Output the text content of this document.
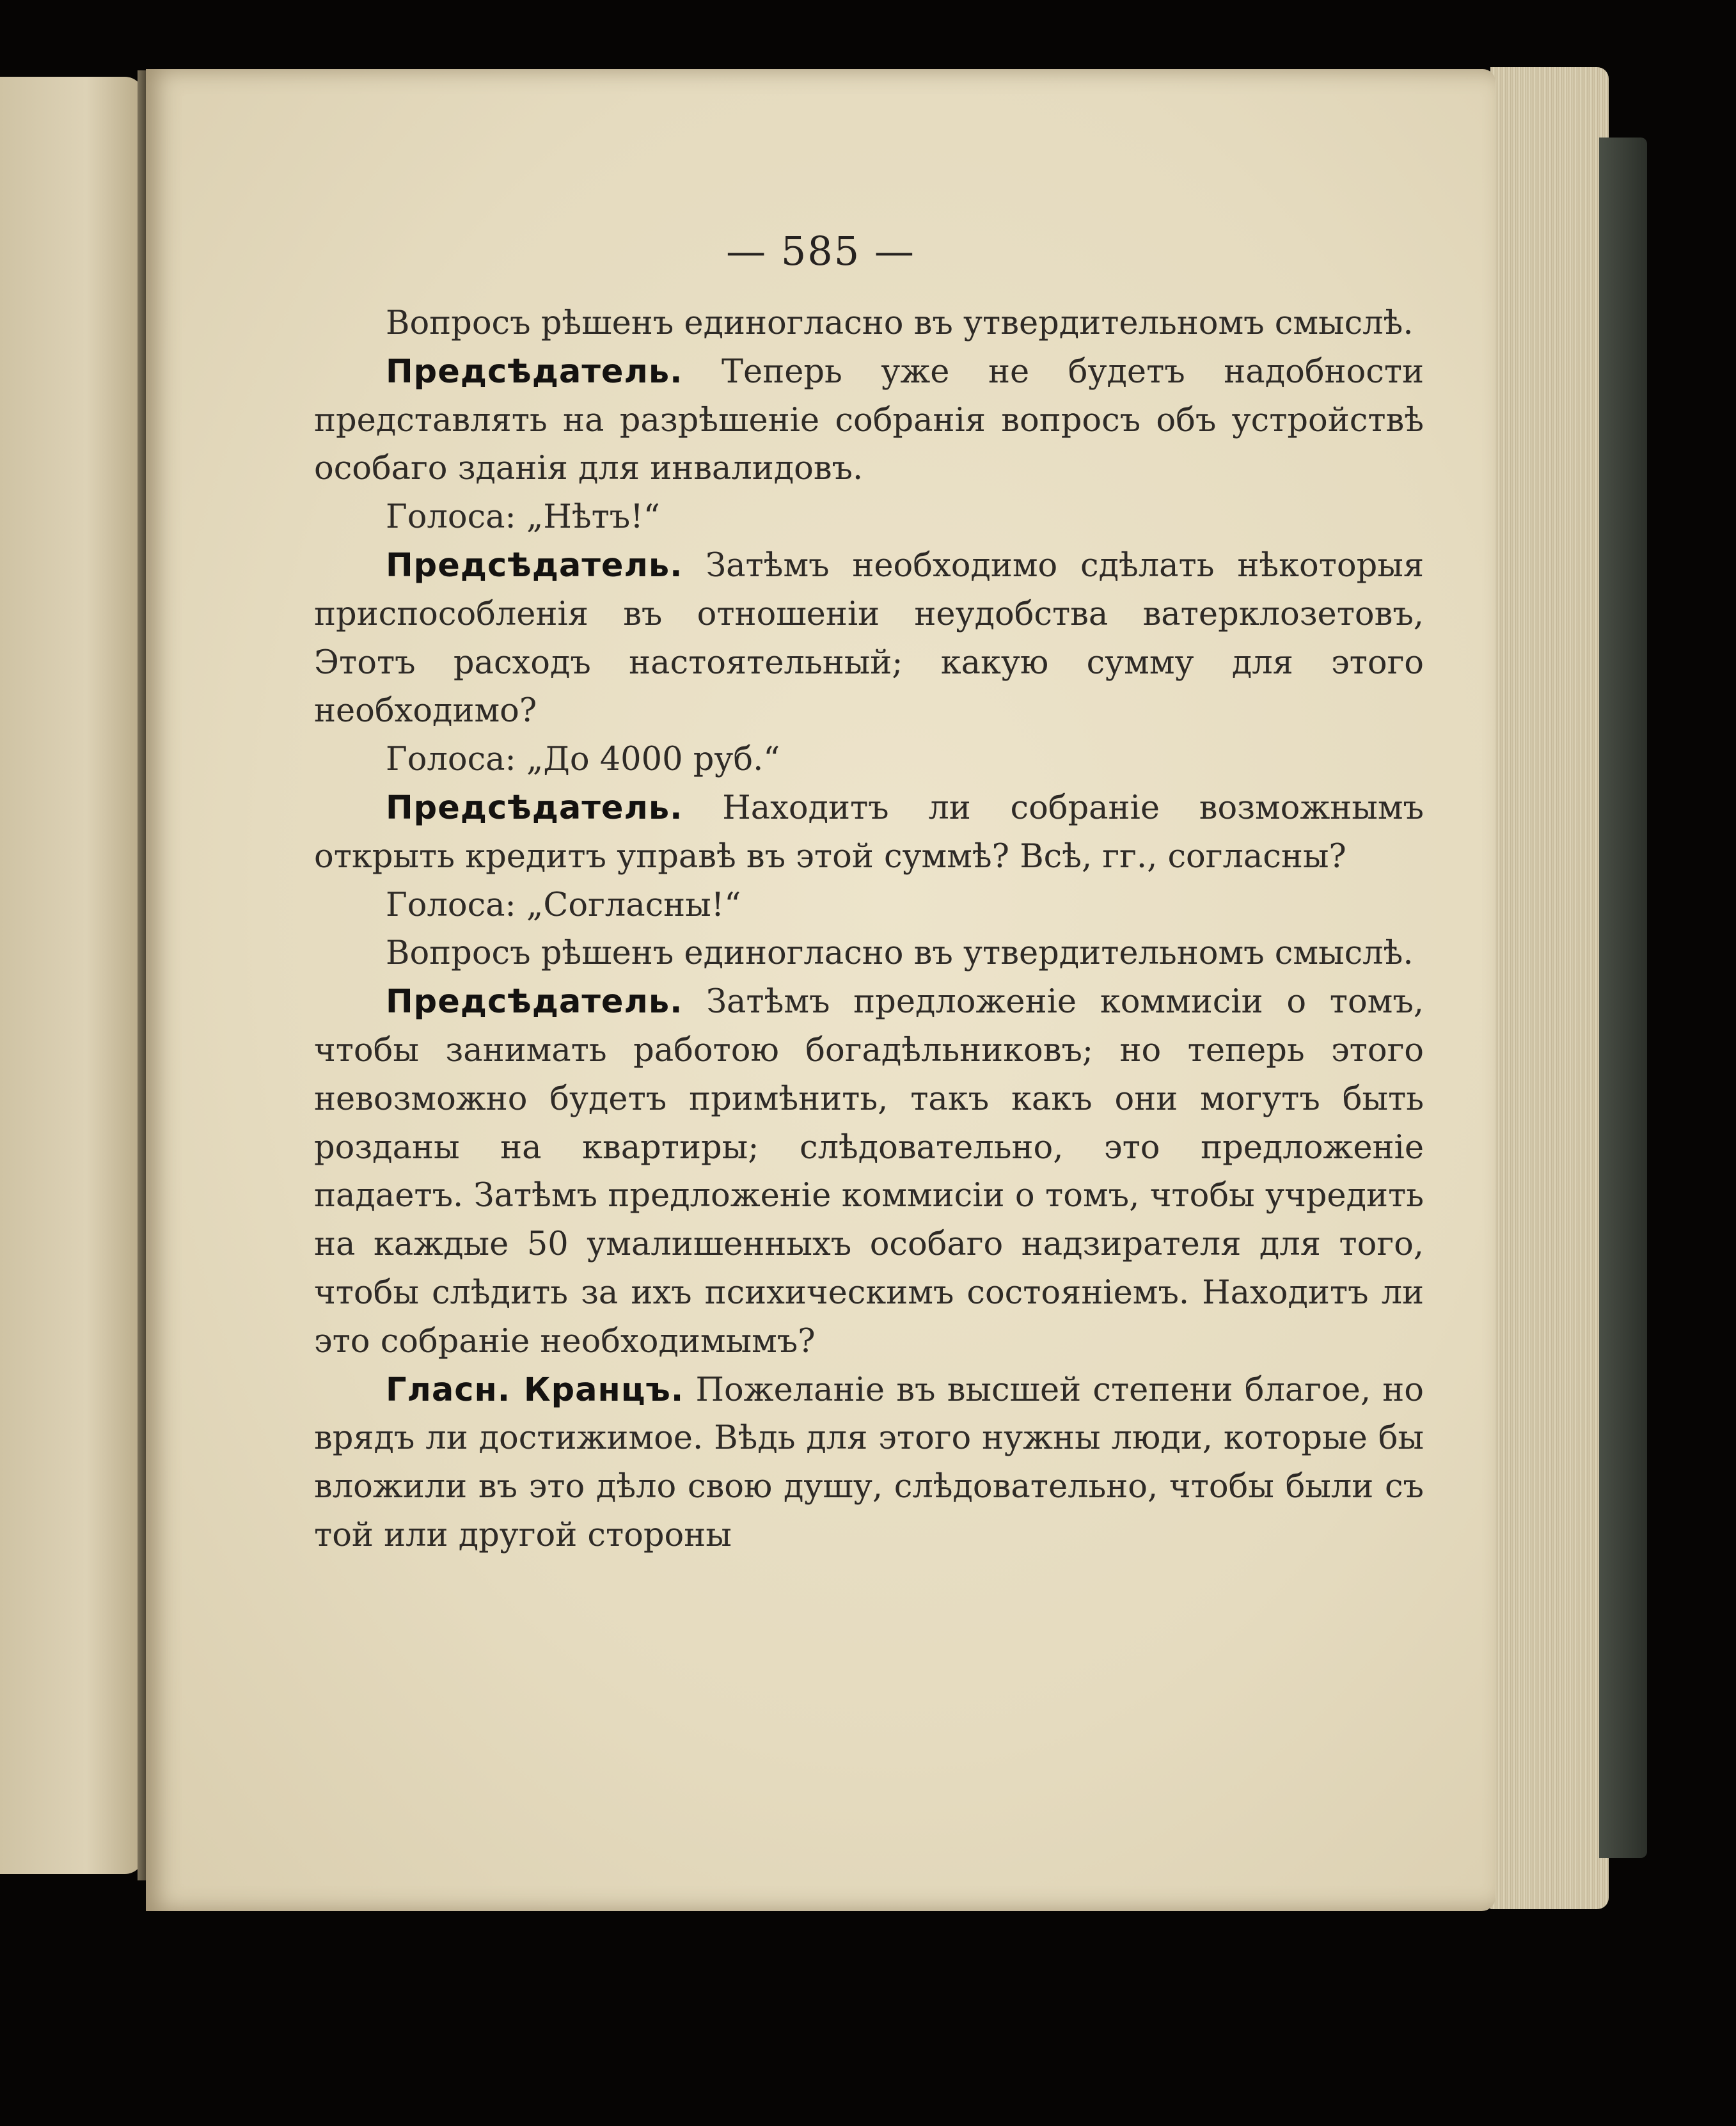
— 585 —

Вопросъ рѣшенъ единогласно въ утвердительномъ смыслѣ.

Предсѣдатель. Теперь уже не будетъ надобности представлять на разрѣшеніе собранія вопросъ объ устройствѣ особаго зданія для инвалидовъ.

Голоса: „Нѣтъ!“

Предсѣдатель. Затѣмъ необходимо сдѣлать нѣкоторыя приспособленія въ отношеніи неудобства ватерклозетовъ, Этотъ расходъ настоятельный; какую сумму для этого необходимо?

Голоса: „До 4000 руб.“

Предсѣдатель. Находитъ ли собраніе возможнымъ открыть кредитъ управѣ въ этой суммѣ? Всѣ, гг., согласны?

Голоса: „Согласны!“

Вопросъ рѣшенъ единогласно въ утвердительномъ смыслѣ.

Предсѣдатель. Затѣмъ предложеніе коммисіи о томъ, чтобы занимать работою богадѣльниковъ; но теперь этого невозможно будетъ примѣнить, такъ какъ они могутъ быть розданы на квартиры; слѣдовательно, это предложеніе падаетъ. Затѣмъ предложеніе коммисіи о томъ, чтобы учредить на каждые 50 умалишенныхъ особаго надзирателя для того, чтобы слѣдить за ихъ психическимъ состояніемъ. Находитъ ли это собраніе необходимымъ?

Гласн. Кранцъ. Пожеланіе въ высшей степени благое, но врядъ ли достижимое. Вѣдь для этого нужны люди, которые бы вложили въ это дѣло свою душу, слѣдовательно, чтобы были съ той или другой стороны
